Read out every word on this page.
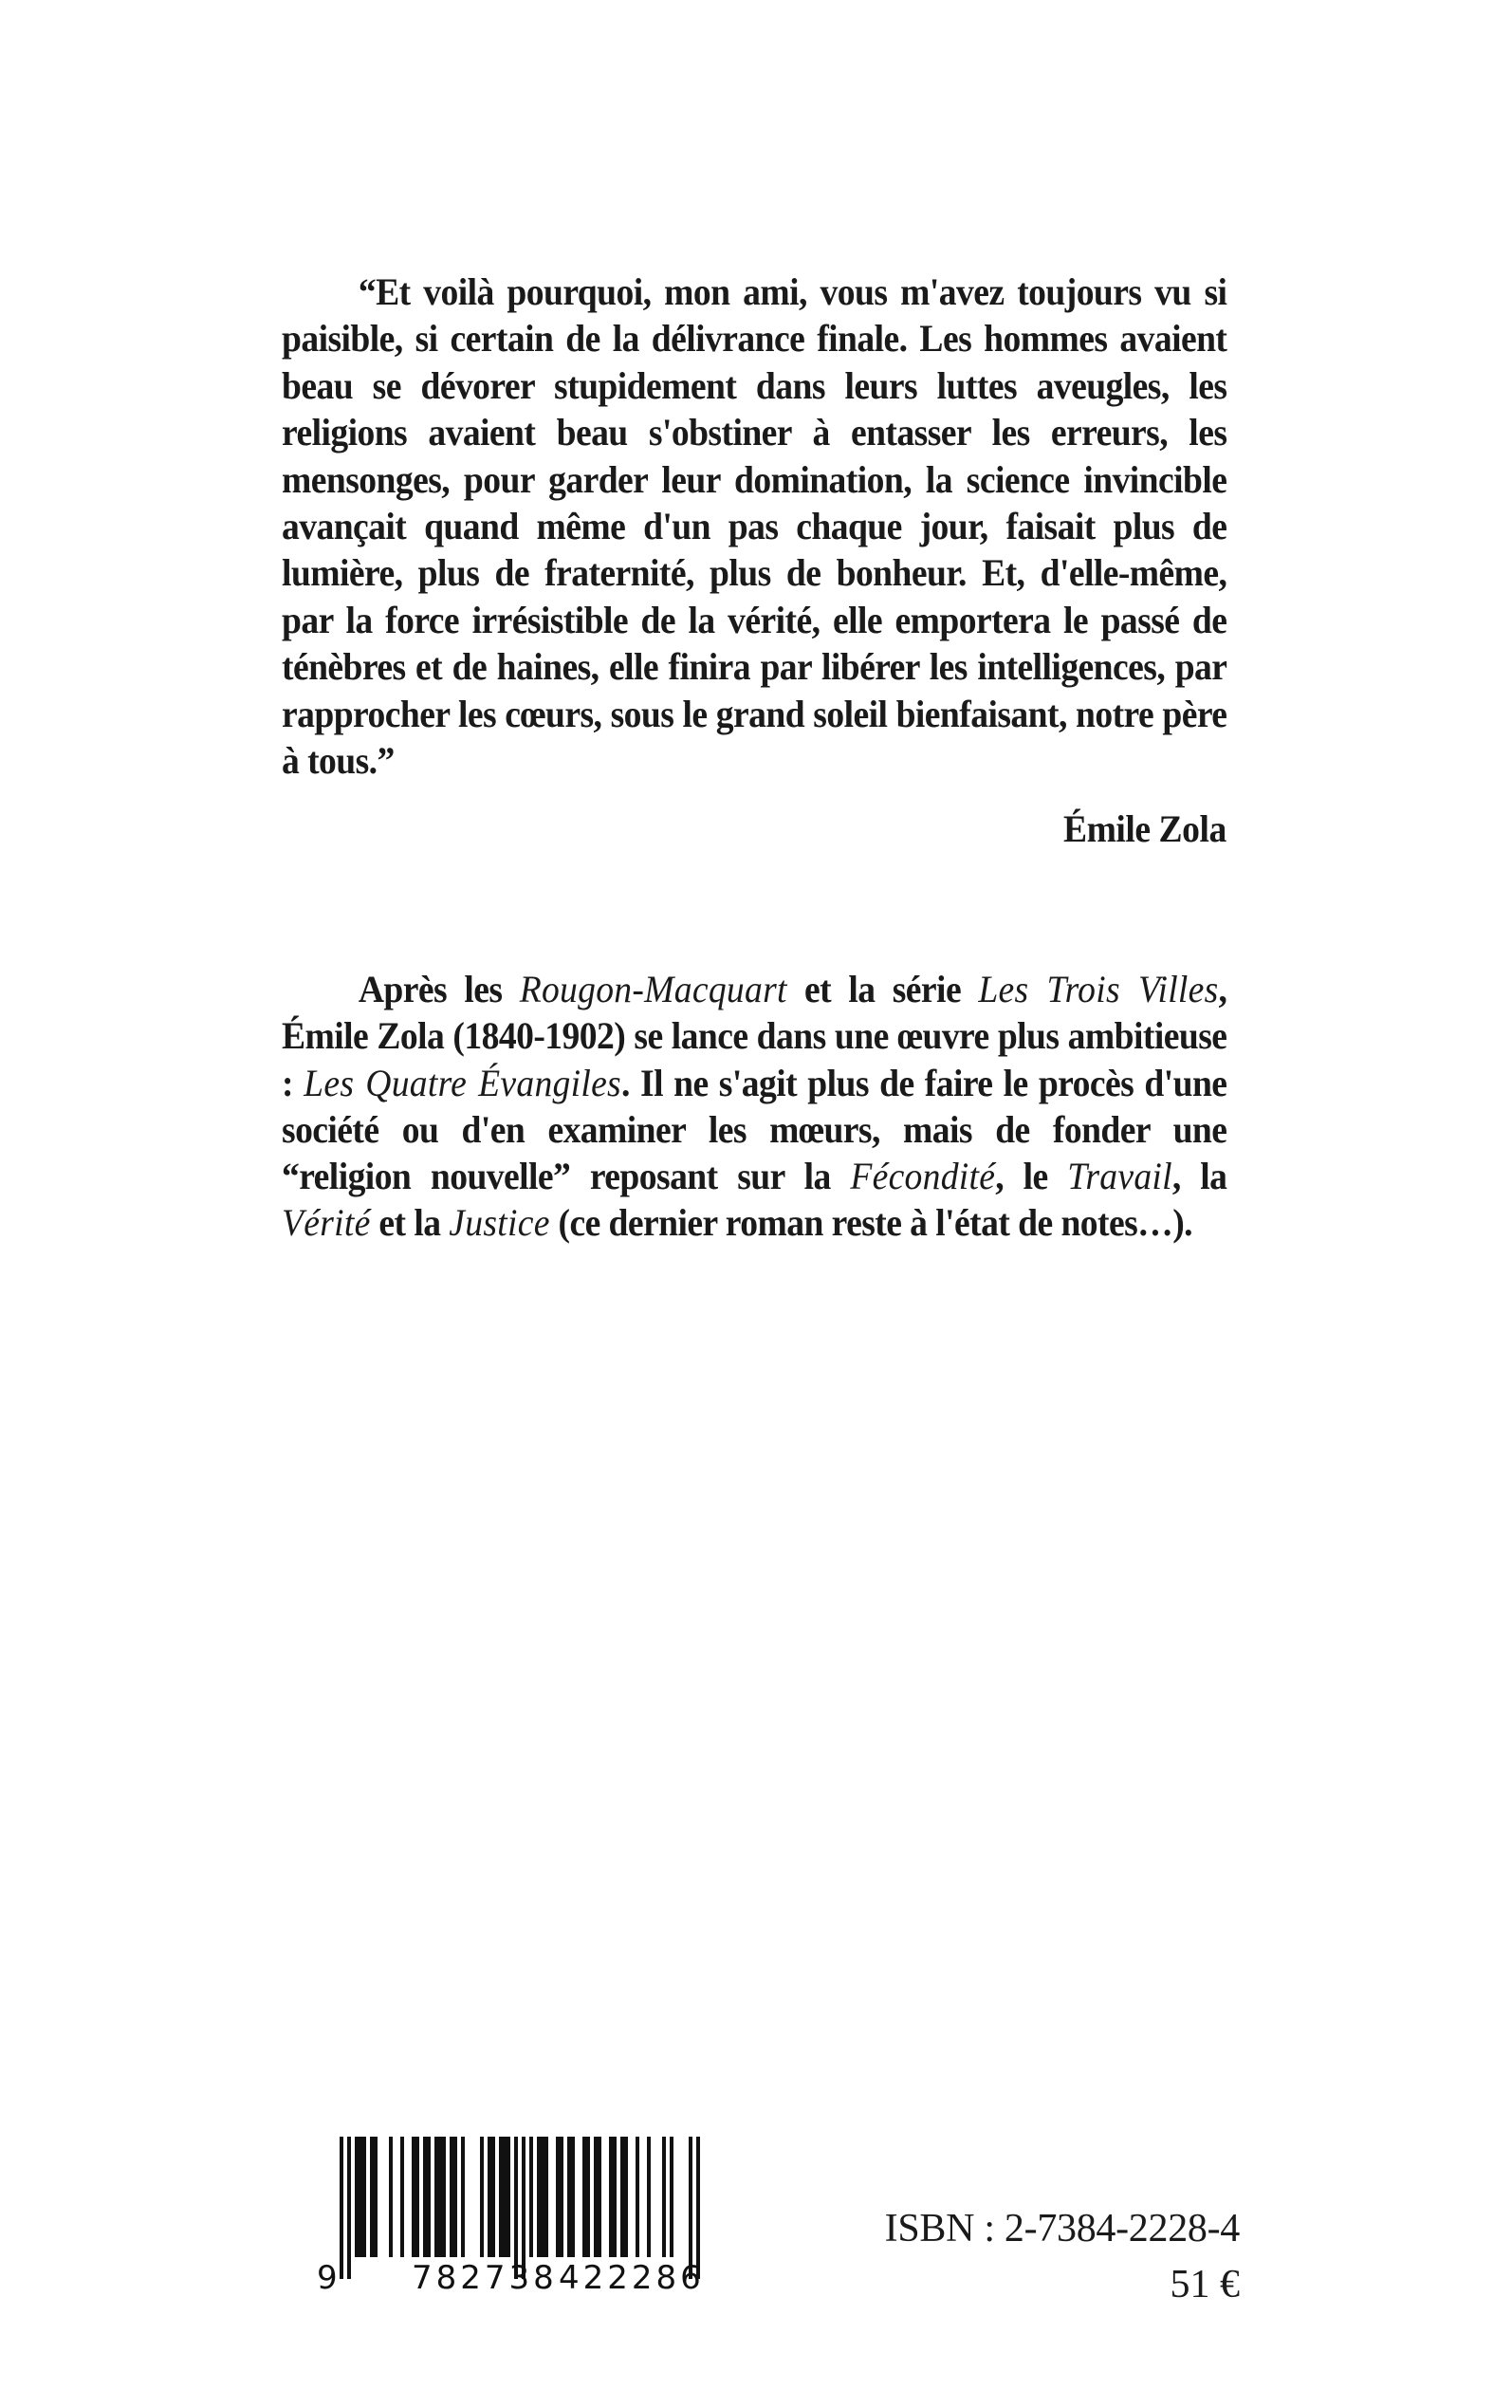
“Et voilà pourquoi, mon ami, vous m'avez toujours vu si paisible, si certain de la délivrance finale. Les hommes avaient beau se dévorer stupidement dans leurs luttes aveugles, les religions avaient beau s'obstiner à entasser les erreurs, les mensonges, pour garder leur domination, la science invincible avançait quand même d'un pas chaque jour, faisait plus de lumière, plus de fraternité, plus de bonheur. Et, d'elle-même, par la force irrésistible de la vérité, elle emportera le passé de ténèbres et de haines, elle finira par libérer les intelligences, par rapprocher les cœurs, sous le grand soleil bienfaisant, notre père à tous.”

Émile Zola

Après les Rougon-Macquart et la série Les Trois Villes, Émile Zola (1840-1902) se lance dans une œuvre plus ambitieuse : Les Quatre Évangiles. Il ne s'agit plus de faire le procès d'une société ou d'en examiner les mœurs, mais de fonder une “religion nouvelle” reposant sur la Fécondité, le Travail, la Vérité et la Justice (ce dernier roman reste à l'état de notes…).

9 782738 422286
ISBN : 2-7384-2228-4
51 €
